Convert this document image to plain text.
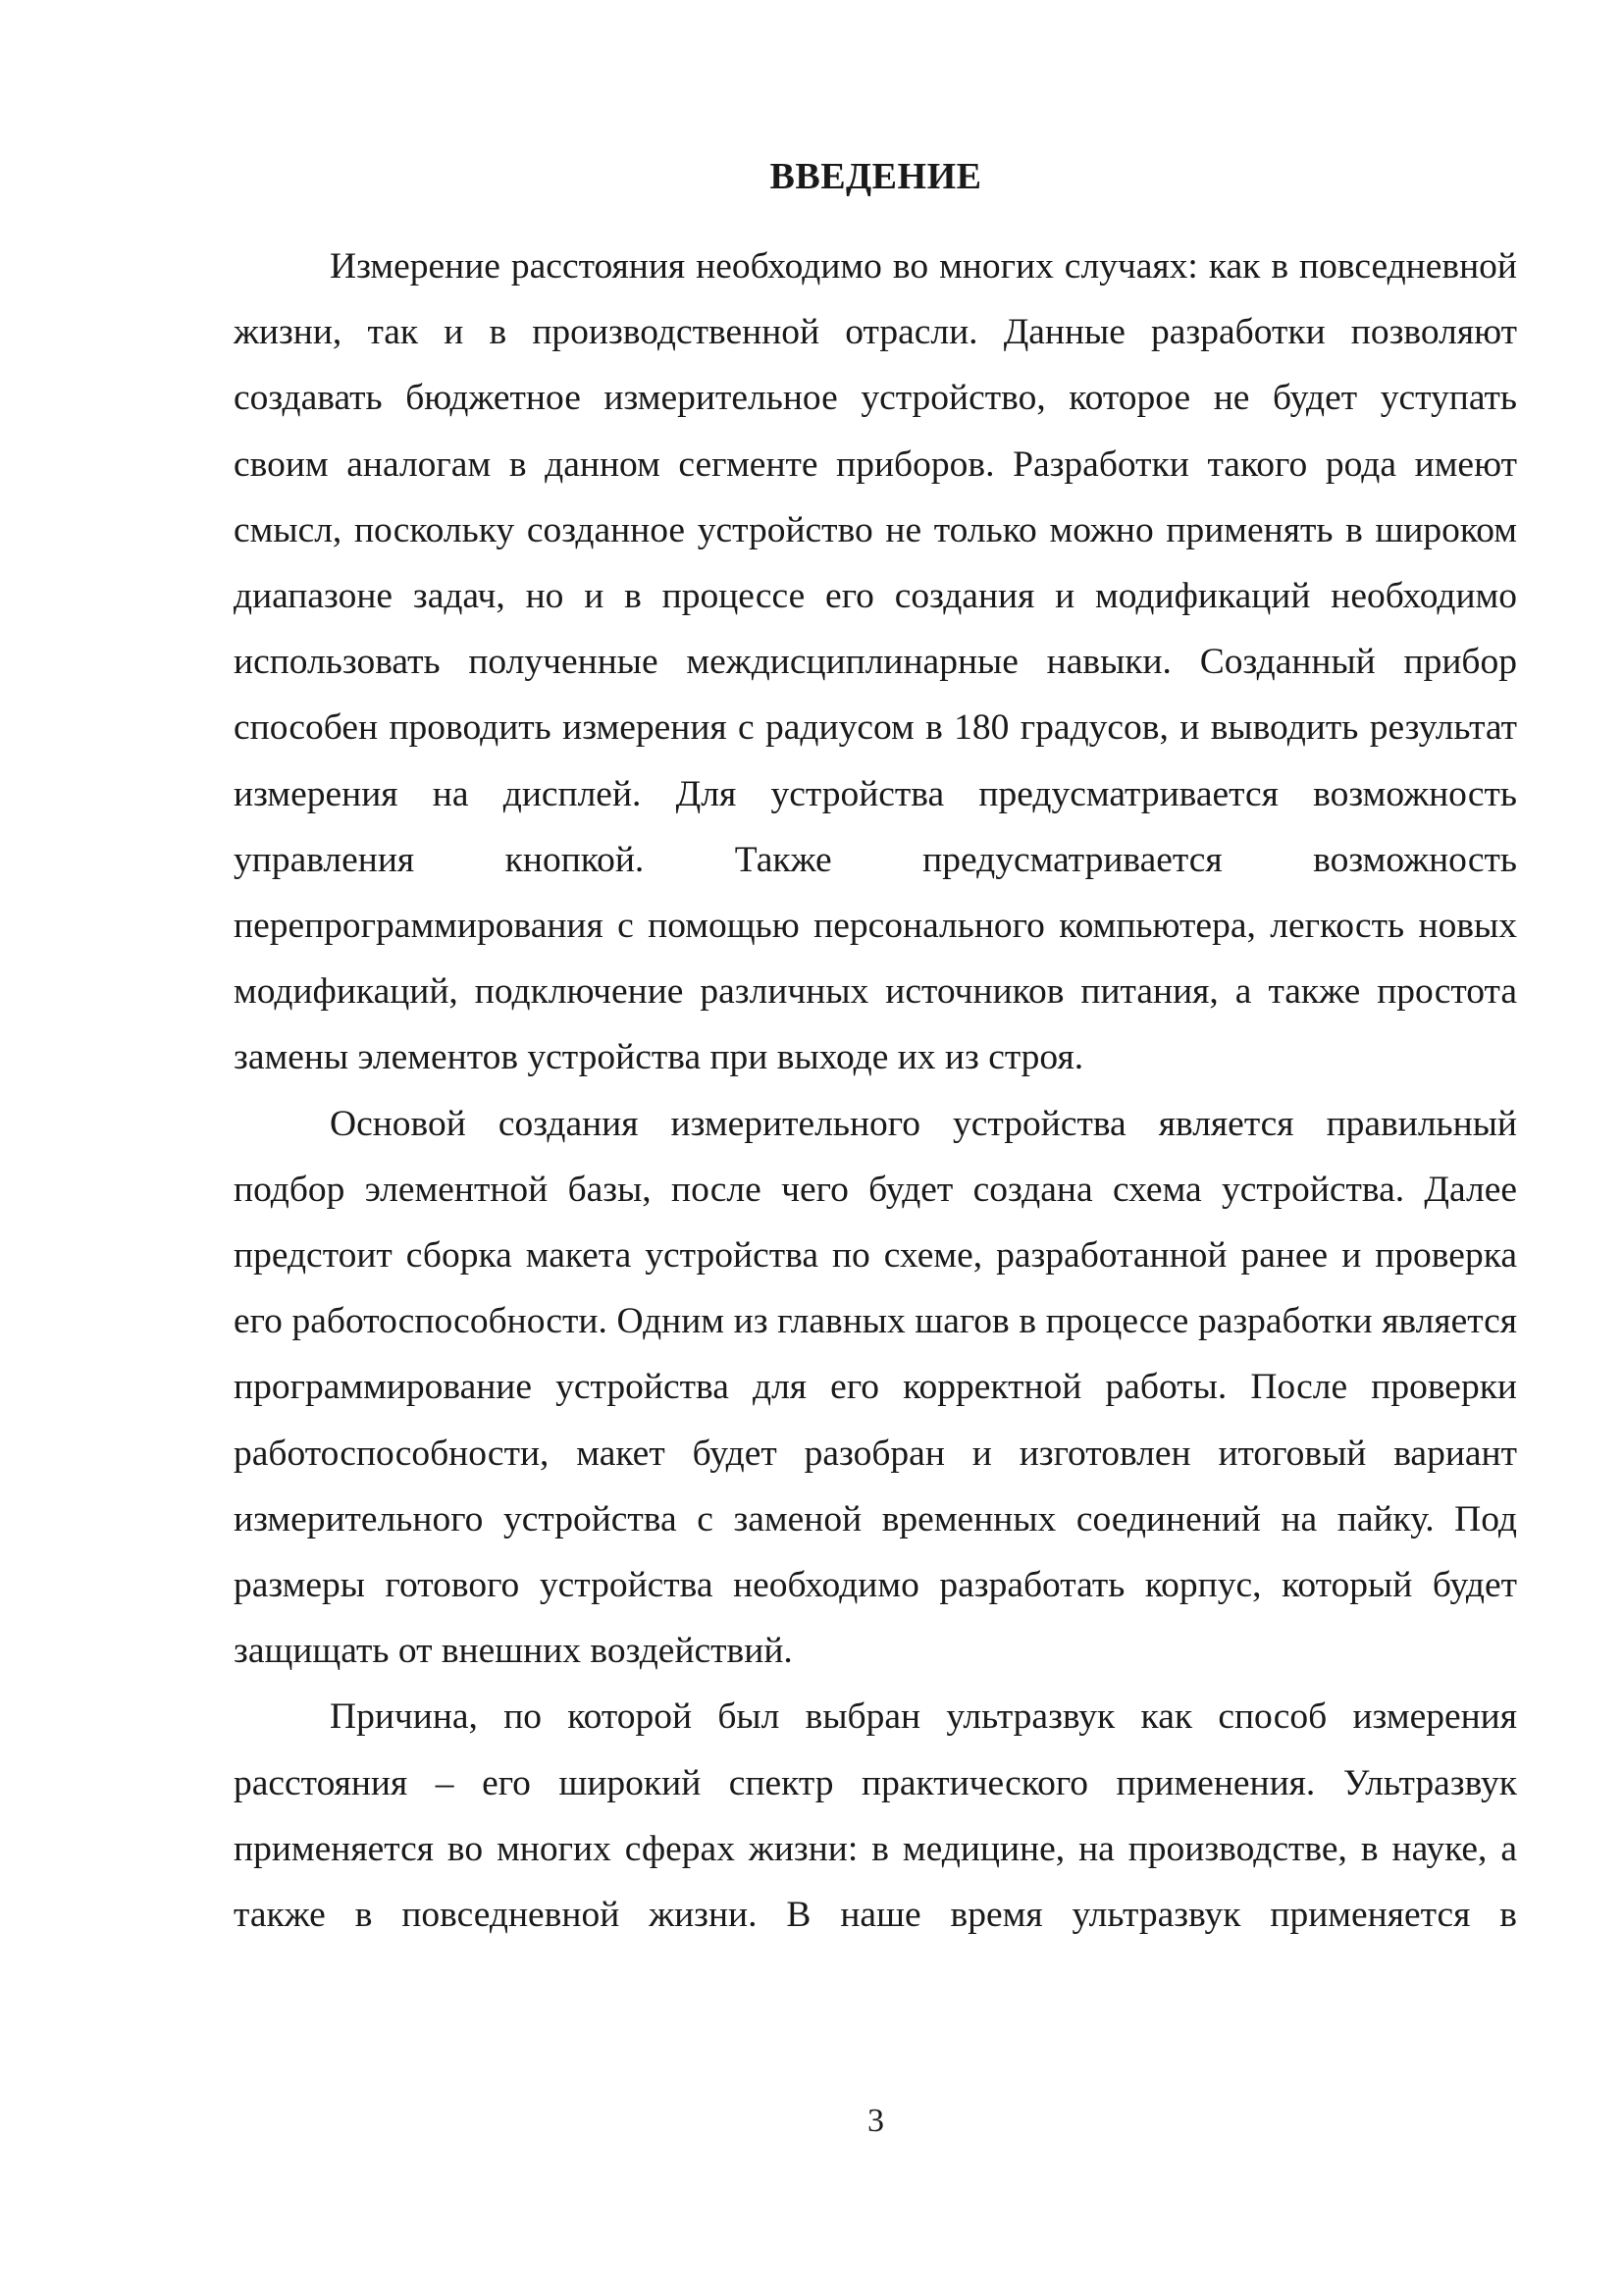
ВВЕДЕНИЕ

Измерение расстояния необходимо во многих случаях: как в повседневной жизни, так и в производственной отрасли. Данные разработки позволяют создавать бюджетное измерительное устройство, которое не будет уступать своим аналогам в данном сегменте приборов. Разработки такого рода имеют смысл, поскольку созданное устройство не только можно применять в широком диапазоне задач, но и в процессе его создания и модификаций необходимо использовать полученные междисциплинарные навыки. Созданный прибор способен проводить измерения с радиусом в 180 градусов, и выводить результат измерения на дисплей. Для устройства предусматривается возможность управления кнопкой. Также предусматривается возможность перепрограммирования с помощью персонального компьютера, легкость новых модификаций, подключение различных источников питания, а также простота замены элементов устройства при выходе их из строя.

Основой создания измерительного устройства является правильный подбор элементной базы, после чего будет создана схема устройства. Далее предстоит сборка макета устройства по схеме, разработанной ранее и проверка его работоспособности. Одним из главных шагов в процессе разработки является программирование устройства для его корректной работы. После проверки работоспособности, макет будет разобран и изготовлен итоговый вариант измерительного устройства с заменой временных соединений на пайку. Под размеры готового устройства необходимо разработать корпус, который будет защищать от внешних воздействий.

Причина, по которой был выбран ультразвук как способ измерения расстояния – его широкий спектр практического применения. Ультразвук применяется во многих сферах жизни: в медицине, на производстве, в науке, а также в повседневной жизни. В наше время ультразвук применяется в

3
